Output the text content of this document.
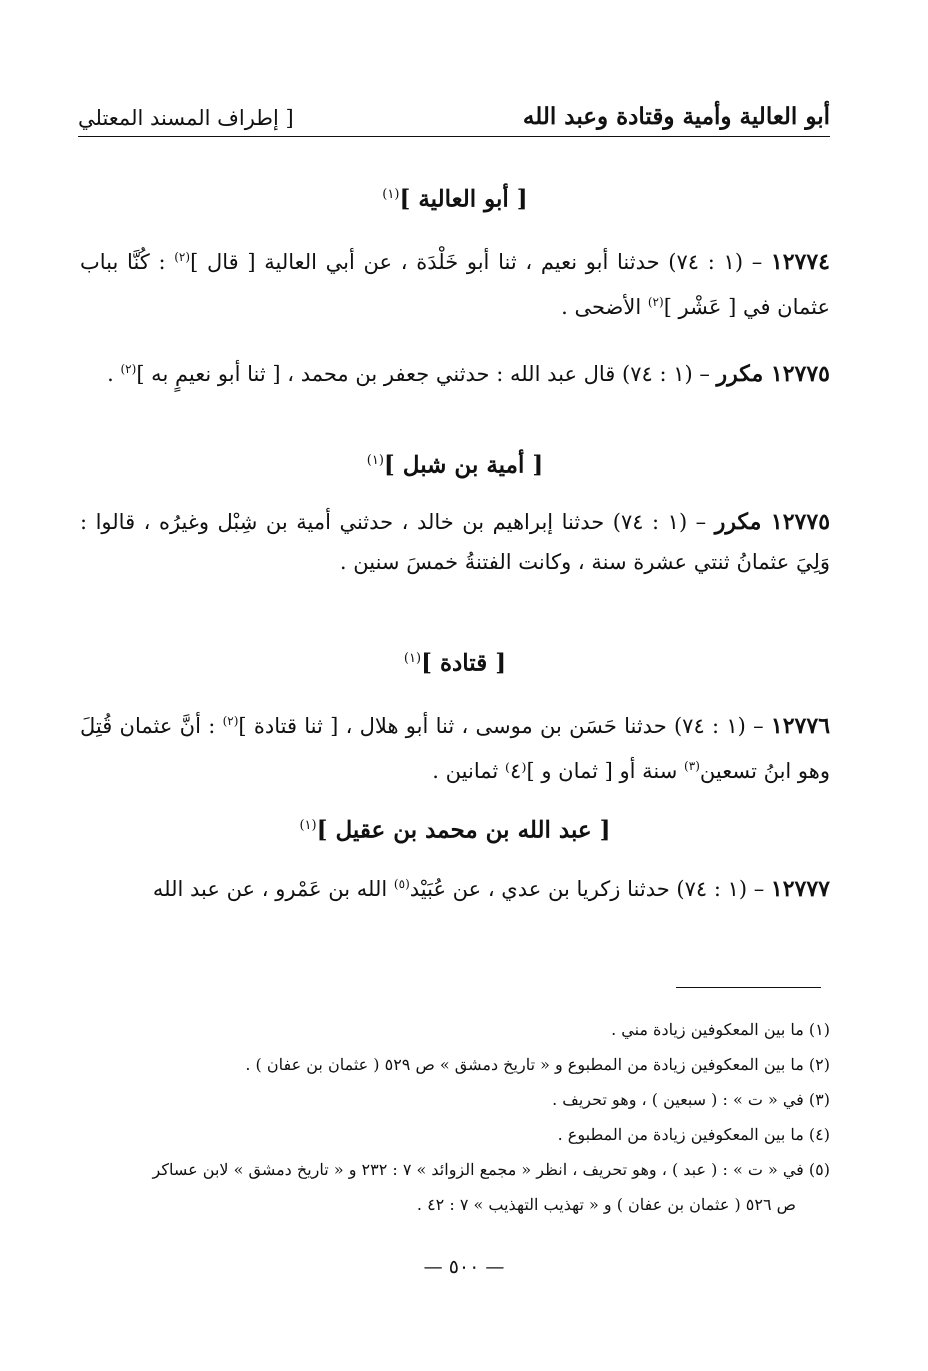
أبو العالية وأمية وقتادة وعبد الله
[ إطراف المسند المعتلي
[ أبو العالية ]$^{(١)}$

١٢٧٧٤ – (١ : ٧٤) حدثنا أبو نعيم ، ثنا أبو خَلْدَة ، عن أبي العالية [ قال ]$^{(٢)}$ : كُنَّا بباب عثمان في [ عَشْر ]$^{(٢)}$ الأضحى .

١٢٧٧٥ مكرر – (١ : ٧٤) قال عبد الله : حدثني جعفر بن محمد ، [ ثنا أبو نعيمٍ به ]$^{(٢)}$ .

[ أمية بن شبل ]$^{(١)}$

١٢٧٧٥ مكرر – (١ : ٧٤) حدثنا إبراهيم بن خالد ، حدثني أمية بن شِبْل وغيرُه ، قالوا : وَلِيَ عثمانُ ثنتي عشرة سنة ، وكانت الفتنةُ خمسَ سنين .

[ قتادة ]$^{(١)}$

١٢٧٧٦ – (١ : ٧٤) حدثنا حَسَن بن موسى ، ثنا أبو هلال ، [ ثنا قتادة ]$^{(٢)}$ : أنَّ عثمان قُتِلَ وهو ابنُ تسعين$^{(٣)}$ سنة أو [ ثمان و ]⁽٤⁾ ثمانين .

[ عبد الله بن محمد بن عقيل ]$^{(١)}$

١٢٧٧٧ – (١ : ٧٤) حدثنا زكريا بن عدي ، عن عُبَيْد$^{(٥)}$ الله بن عَمْرو ، عن عبد الله

(١) ما بين المعكوفين زيادة مني .
(٢) ما بين المعكوفين زيادة من المطبوع و « تاريخ دمشق » ص ٥٢٩ ( عثمان بن عفان ) .
(٣) في « ت » : ( سبعين ) ، وهو تحريف .
(٤) ما بين المعكوفين زيادة من المطبوع .
(٥) في « ت » : ( عبد ) ، وهو تحريف ، انظر « مجمع الزوائد » ٧ : ٢٣٢ و « تاريخ دمشق » لابن عساكر
ص ٥٢٦ ( عثمان بن عفان ) و « تهذيب التهذيب » ٧ : ٤٢ .
— ٥٠٠ —
